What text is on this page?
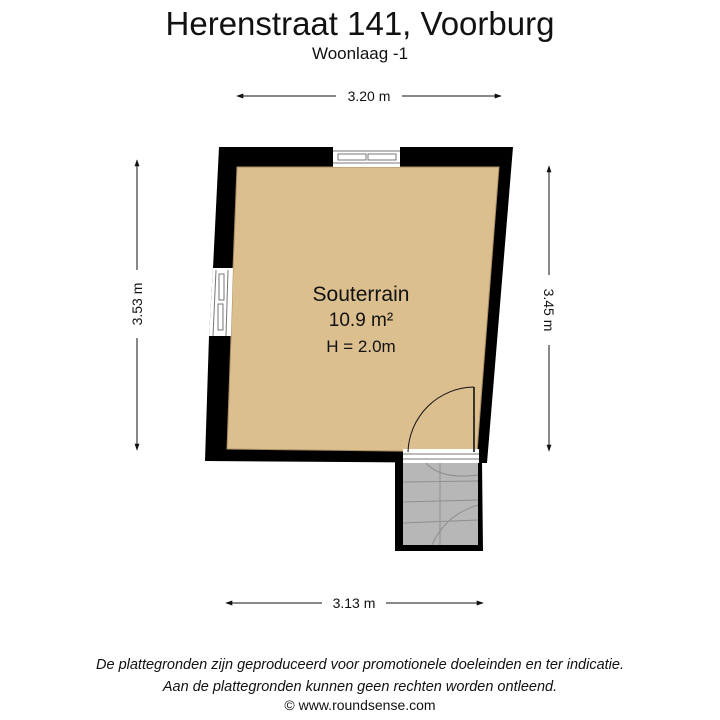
Herenstraat 141, Voorburg
Woonlaag -1
3.20 m
3.13 m
3.53 m	3.45 m
Souterrain
10.9 m²
H = 2.0m
De plattegronden zijn geproduceerd voor promotionele doeleinden en ter indicatie.
Aan de plattegronden kunnen geen rechten worden ontleend.
© www.roundsense.com
